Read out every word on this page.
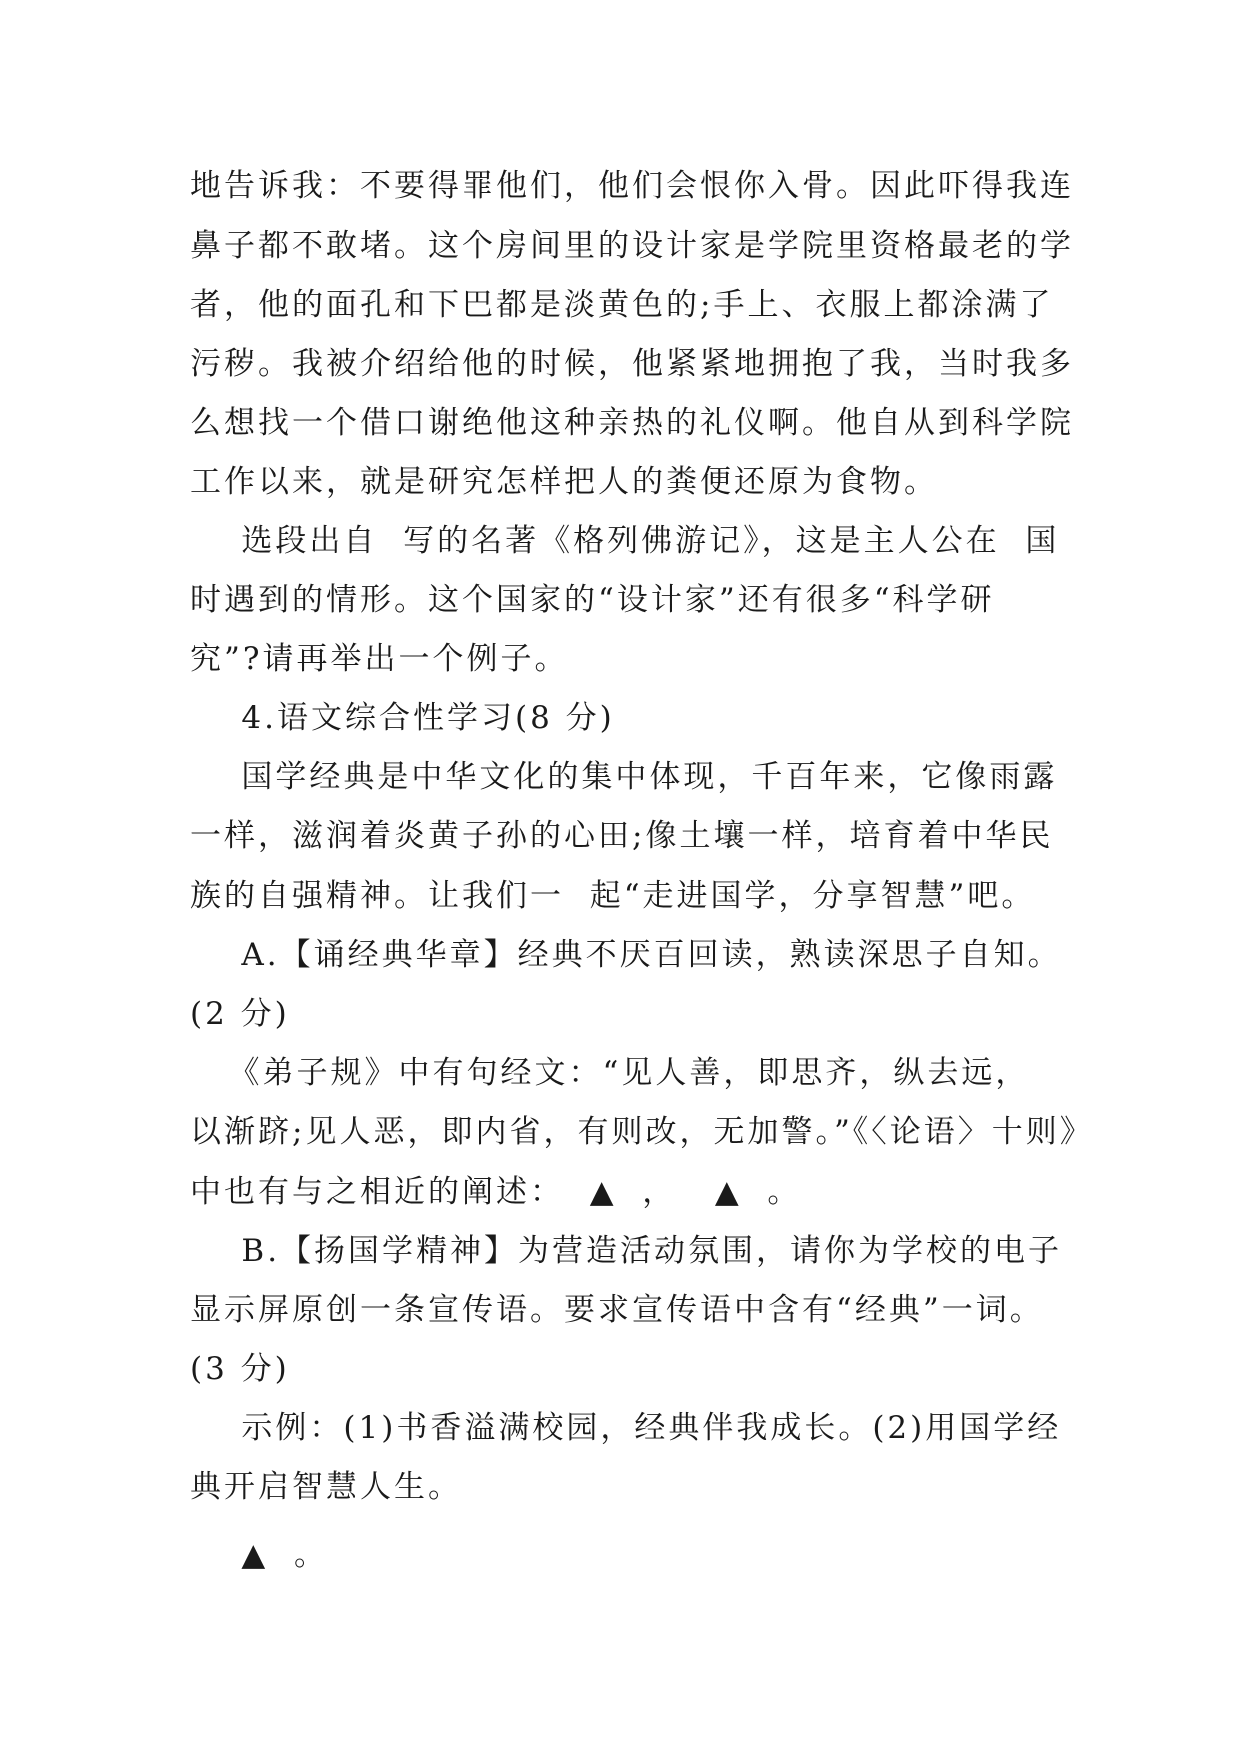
地告诉我：不要得罪他们，他们会恨你入骨。因此吓得我连
鼻子都不敢堵。这个房间里的设计家是学院里资格最老的学
者，他的面孔和下巴都是淡黄色的;手上、衣服上都涂满了
污秽。我被介绍给他的时候，他紧紧地拥抱了我，当时我多
么想找一个借口谢绝他这种亲热的礼仪啊。他自从到科学院
工作以来，就是研究怎样把人的粪便还原为食物。
选段出自  写的名著《格列佛游记》，这是主人公在  国
时遇到的情形。这个国家的“设计家”还有很多“科学研
究”?请再举出一个例子。
4.语文综合性学习(8 分)
国学经典是中华文化的集中体现，千百年来，它像雨露
一样，滋润着炎黄子孙的心田;像土壤一样，培育着中华民
族的自强精神。让我们一  起“走进国学，分享智慧”吧。
A.【诵经典华章】经典不厌百回读，熟读深思子自知。
(2 分)
《弟子规》中有句经文：“见人善，即思齐，纵去远，
以渐跻;见人恶，即内省，有则改，无加警。”《〈论语〉十则》
中也有与之相近的阐述：  ▲  ，   ▲  。
B.【扬国学精神】为营造活动氛围，请你为学校的电子
显示屏原创一条宣传语。要求宣传语中含有“经典”一词。
(3 分)
示例：(1)书香溢满校园，经典伴我成长。(2)用国学经
典开启智慧人生。
▲  。
